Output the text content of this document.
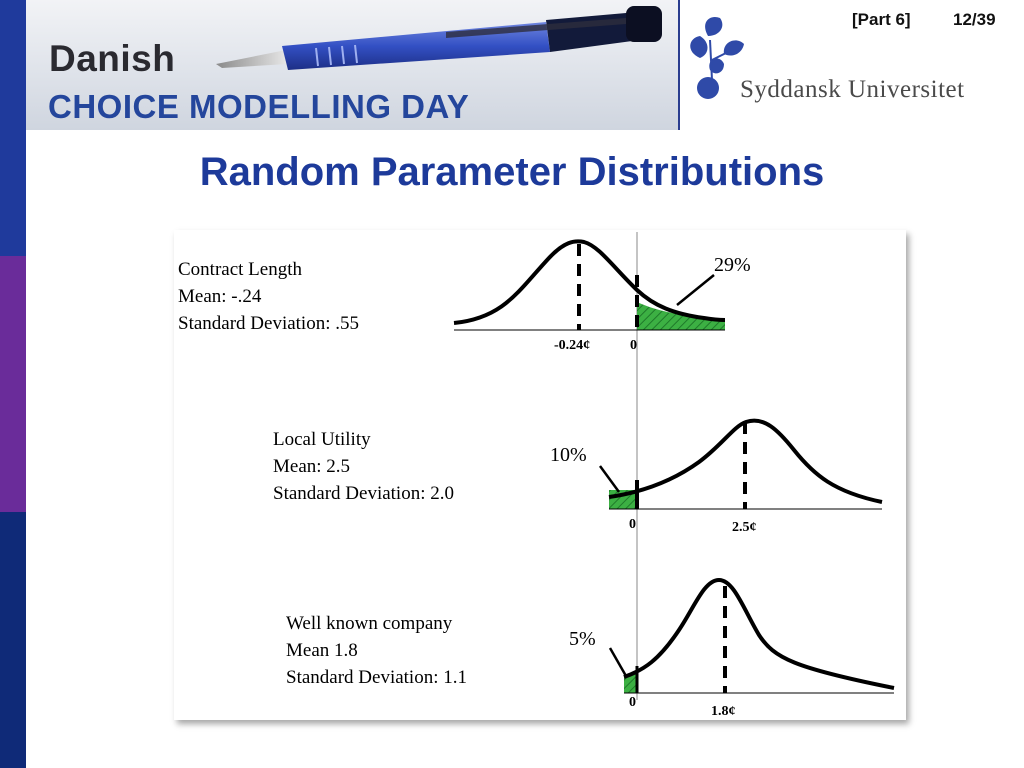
Danish
CHOICE MODELLING DAY	Syddansk Universitet
[Part 6] 12/39
Random Parameter Distributions
Contract Length
Mean: -.24
Standard Deviation: .55
29%
-0.24¢	0
Local Utility
Mean: 2.5
Standard Deviation: 2.0
10%
0	2.5¢
Well known company
Mean 1.8
Standard Deviation: 1.1
5%
0
1.8¢
